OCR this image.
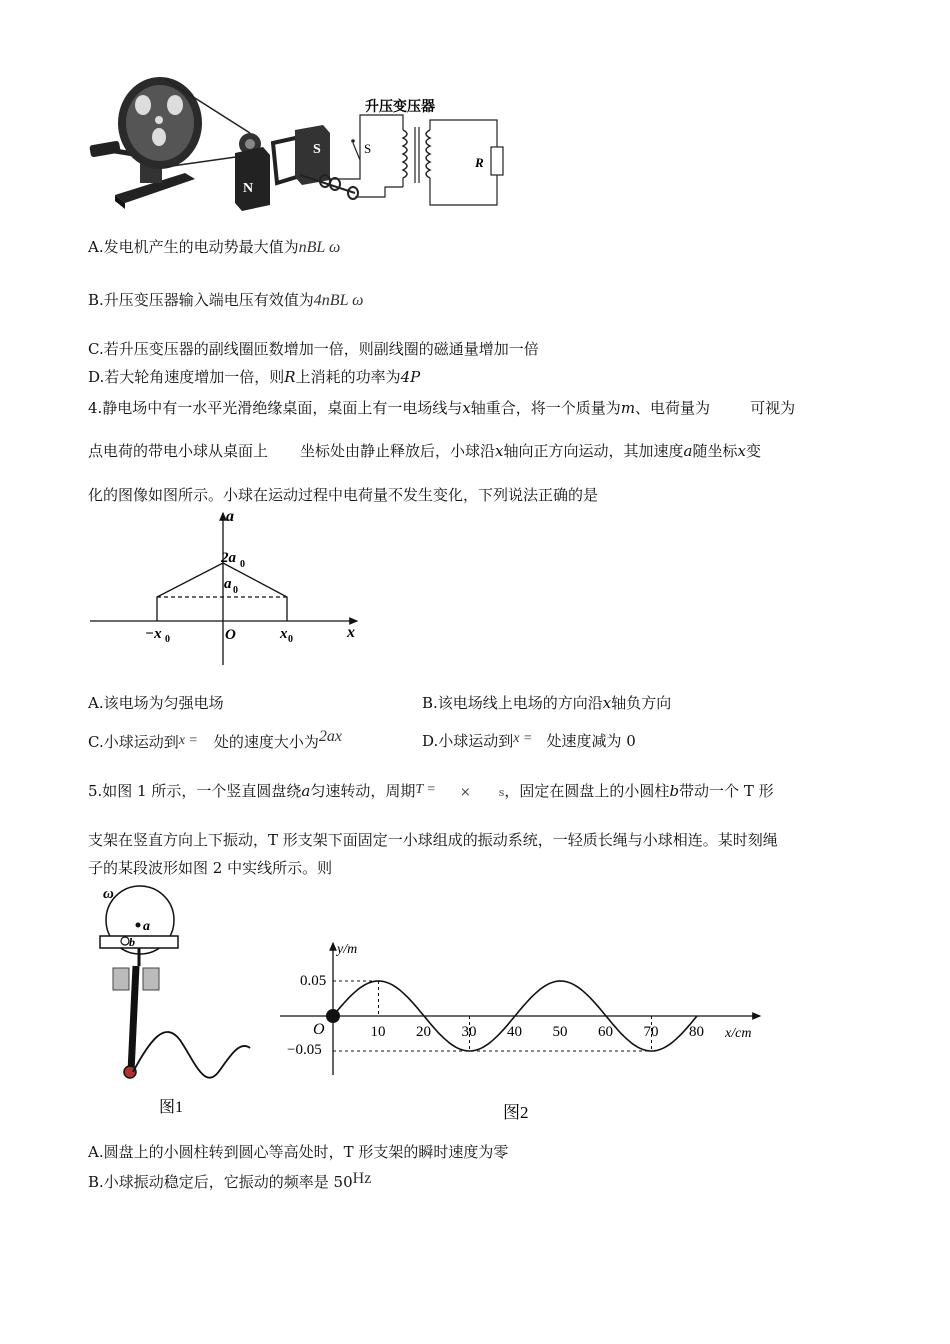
N
S	S
R
升压变压器
A.发电机产生的电动势最大值为nBL ω
B.升压变压器输入端电压有效值为4nBL ω
C.若升压变压器的副线圈匝数增加一倍，则副线圈的磁通量增加一倍
D.若大轮角速度增加一倍，则R上消耗的功率为4P
4.静电场中有一水平光滑绝缘桌面，桌面上有一电场线与x轴重合，将一个质量为m、电荷量为	可视为
点电荷的带电小球从桌面上 坐标处由静止释放后，小球沿x轴向正方向运动，其加速度a随坐标x变
化的图像如图所示。小球在运动过程中电荷量不发生变化，下列说法正确的是
a
x
2a 0
a 0
O
−x 0	x 0
A.该电场为匀强电场	B.该电场线上电场的方向沿x轴负方向
C.小球运动到x = 处的速度大小为2ax	D.小球运动到x = 处速度减为 0
5.如图 1 所示，一个竖直圆盘绕a匀速转动，周期T = ×	s，固定在圆盘上的小圆柱b带动一个 T 形
支架在竖直方向上下振动，T 形支架下面固定一小球组成的振动系统，一轻质长绳与小球相连。某时刻绳
子的某段波形如图 2 中实线所示。则
ω
a
b
图1
y/m
x/cm
O
0.05
−0.05
10 20 30 40 50 60 70 80
图2
A.圆盘上的小圆柱转到圆心等高处时，T 形支架的瞬时速度为零
B.小球振动稳定后，它振动的频率是 50Hz
